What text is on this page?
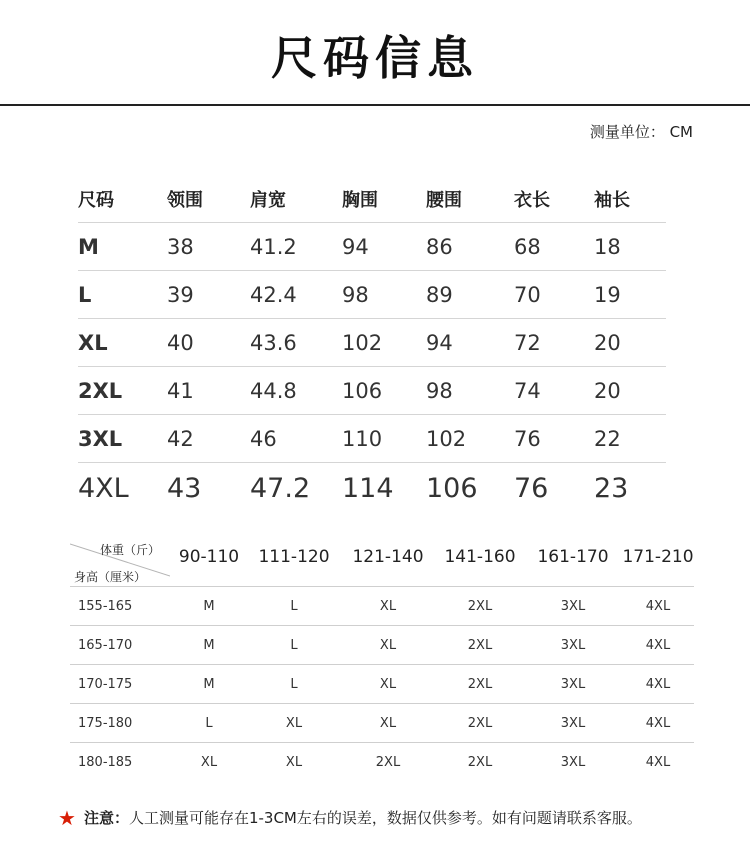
尺码信息
测量单位： CM
尺码	领围	肩宽	胸围	腰围	衣长	袖长
M	38	41.2	94	86	68	18
L	39	42.4	98	89	70	19
XL	40	43.6	102	94	72	20
2XL	41	44.8	106	98	74	20
3XL	42	46	110	102	76	22
4XL	43	47.2	114	106	76	23
体重（斤）
身高（厘米）	90-110	111-120	121-140	141-160	161-170	171-210
155-165	M	L	XL	2XL	3XL	4XL
165-170	M	L	XL	2XL	3XL	4XL
170-175	M	L	XL	2XL	3XL	4XL
175-180	L	XL	XL	2XL	3XL	4XL
180-185	XL	XL	2XL	2XL	3XL	4XL
★ 注意：人工测量可能存在1-3CM左右的误差，数据仅供参考。如有问题请联系客服。
